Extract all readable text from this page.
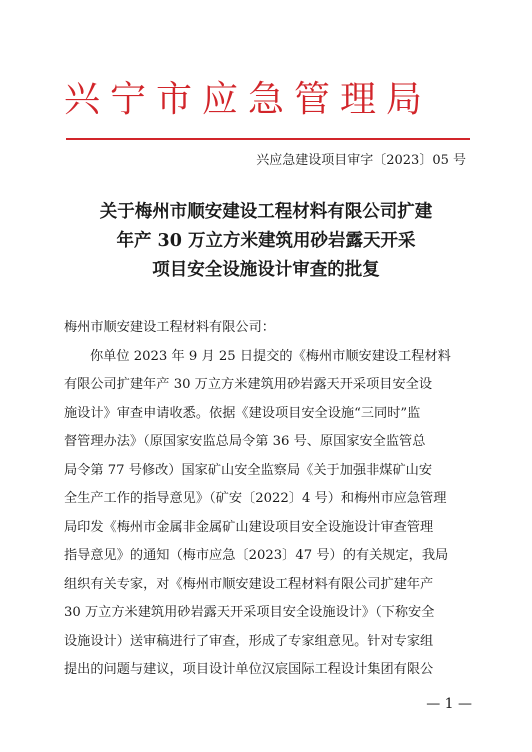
兴宁市应急管理局
兴应急建设项目审字〔2023〕05 号
关于梅州市顺安建设工程材料有限公司扩建
年产 30 万立方米建筑用砂岩露天开采
项目安全设施设计审查的批复
梅州市顺安建设工程材料有限公司：
你单位 2023 年 9 月 25 日提交的《梅州市顺安建设工程材料
有限公司扩建年产 30 万立方米建筑用砂岩露天开采项目安全设
施设计》审查申请收悉。依据《建设项目安全设施“三同时”监
督管理办法》（原国家安监总局令第 36 号、原国家安全监管总
局令第 77 号修改）国家矿山安全监察局《关于加强非煤矿山安
全生产工作的指导意见》（矿安〔2022〕4 号）和梅州市应急管理
局印发《梅州市金属非金属矿山建设项目安全设施设计审查管理
指导意见》的通知（梅市应急〔2023〕47 号）的有关规定，我局
组织有关专家，对《梅州市顺安建设工程材料有限公司扩建年产
30 万立方米建筑用砂岩露天开采项目安全设施设计》（下称安全
设施设计）送审稿进行了审查，形成了专家组意见。针对专家组
提出的问题与建议，项目设计单位汉宸国际工程设计集团有限公
— 1 —
